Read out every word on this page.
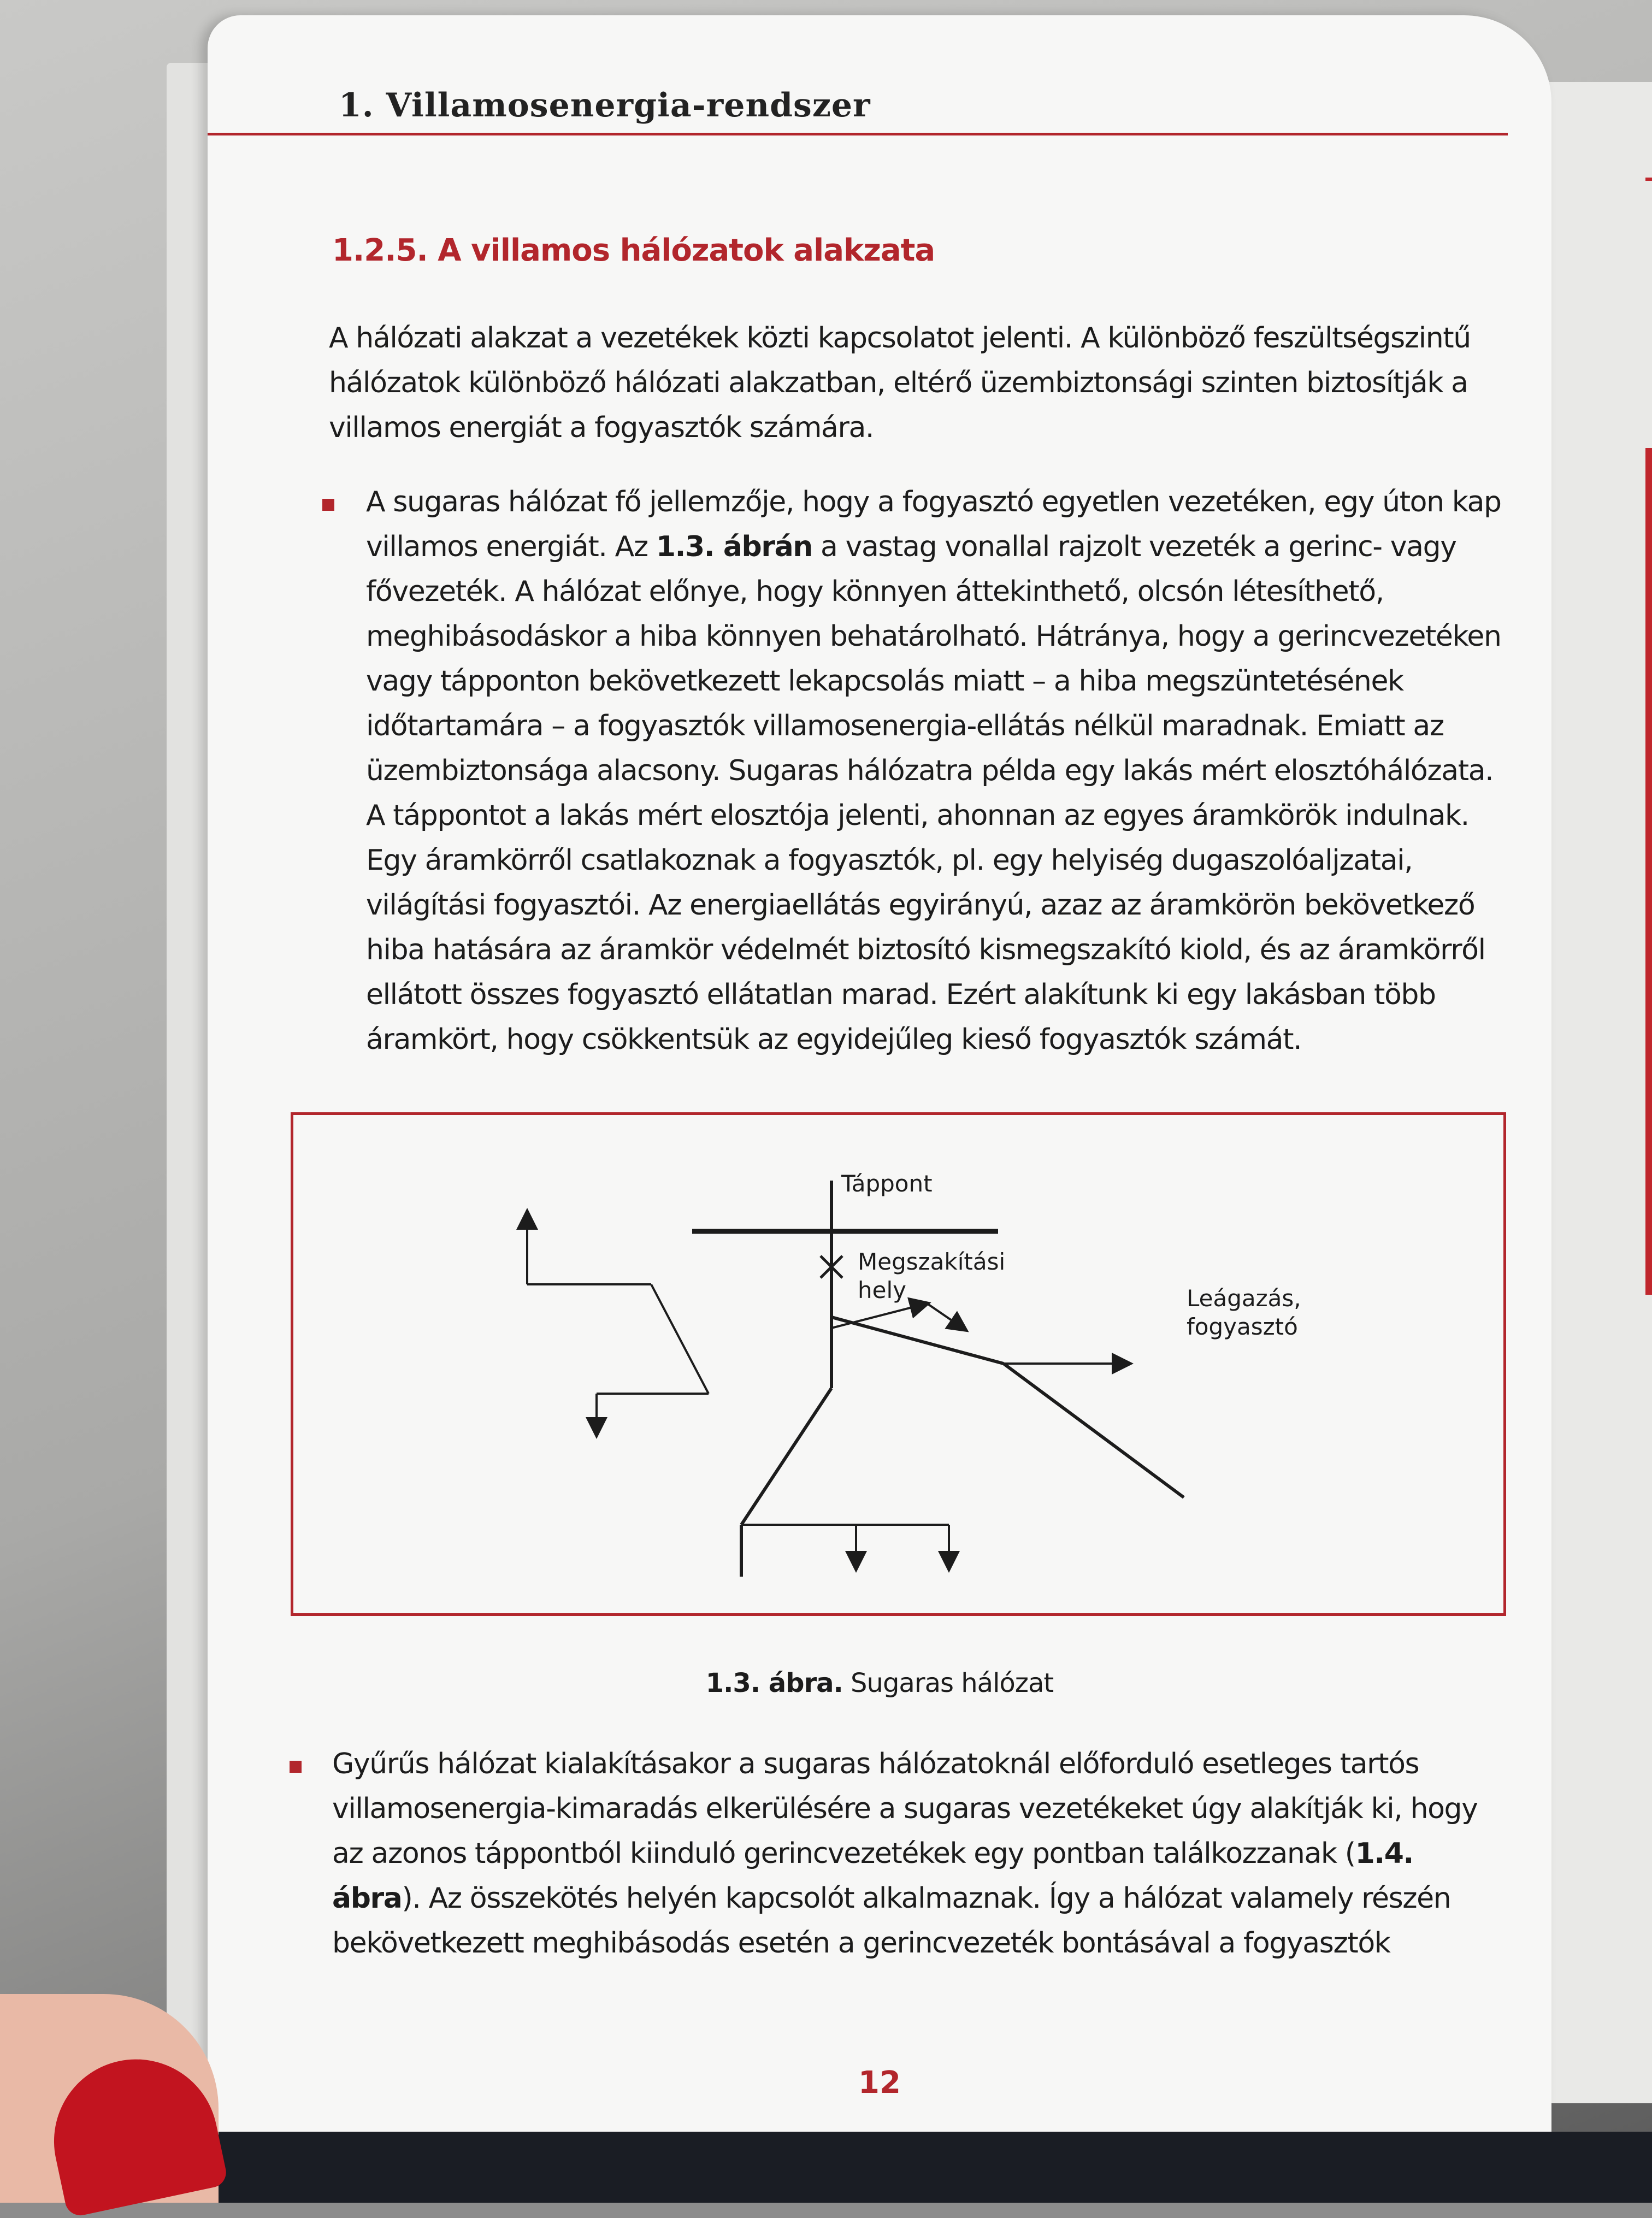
1. Villamosenergia-rendszer
1.2.5. A villamos hálózatok alakzata

A hálózati alakzat a vezetékek közti kapcsolatot jelenti. A különböző feszültségszintű hálózatok különböző hálózati alakzatban, eltérő üzembiztonsági szinten biztosítják a villamos energiát a fogyasztók számára.

A sugaras hálózat fő jellemzője, hogy a fogyasztó egyetlen vezetéken, egy úton kap villamos energiát. Az 1.3. ábrán a vastag vonallal rajzolt vezeték a gerinc- vagy fővezeték. A hálózat előnye, hogy könnyen áttekinthető, olcsón létesíthető, meghibásodáskor a hiba könnyen behatárolható. Hátránya, hogy a gerincvezetéken vagy tápponton bekövetkezett lekapcsolás miatt – a hiba megszüntetésének időtartamára – a fogyasztók villamosenergia-ellátás nélkül maradnak. Emiatt az üzembiztonsága alacsony. Sugaras hálózatra példa egy lakás mért elosztóhálózata. A táppontot a lakás mért elosztója jelenti, ahonnan az egyes áramkörök indulnak. Egy áramkörről csatlakoznak a fogyasztók, pl. egy helyiség dugaszolóaljzatai, világítási fogyasztói. Az energiaellátás egyirányú, azaz az áramkörön bekövetkező hiba hatására az áramkör védelmét biztosító kismegszakító kiold, és az áramkörről ellátott összes fogyasztó ellátatlan marad. Ezért alakítunk ki egy lakásban több áramkört, hogy csökkentsük az egyidejűleg kieső fogyasztók számát.

Táppont
Megszakítási
hely	Leágazás,
fogyasztó
1.3. ábra. Sugaras hálózat

Gyűrűs hálózat kialakításakor a sugaras hálózatoknál előforduló esetleges tartós villamosenergia-kimaradás elkerülésére a sugaras vezetékeket úgy alakítják ki, hogy az azonos táppontból kiinduló gerincvezetékek egy pontban találkozzanak (1.4. ábra). Az összekötés helyén kapcsolót alkalmaznak. Így a hálózat valamely részén bekövetkezett meghibásodás esetén a gerincvezeték bontásával a fogyasztók

12
